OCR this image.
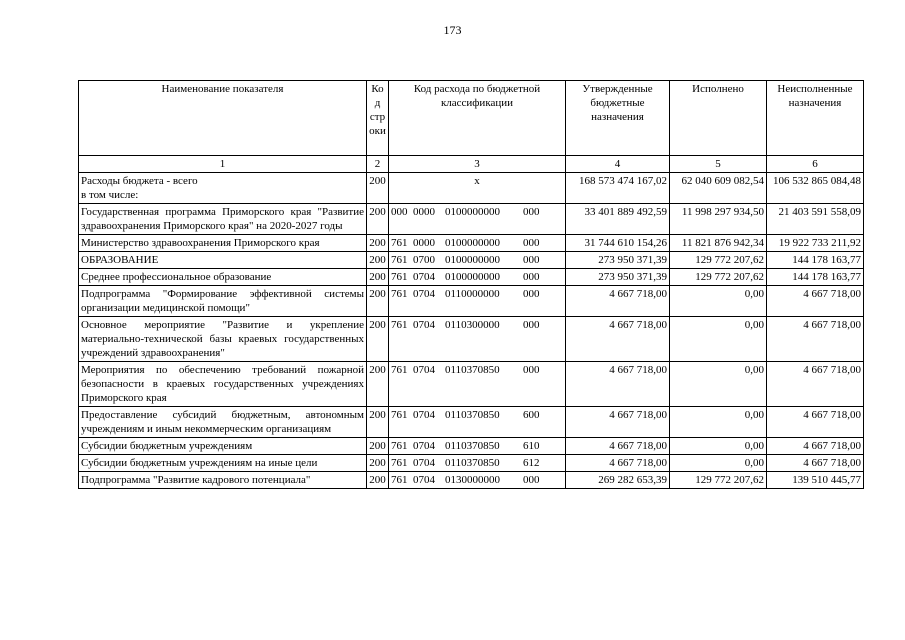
173
Наименование показателя	Ко д стр оки	Код расхода по бюджетной классификации	Утвержденные бюджетные назначения	Исполнено	Неисполненные назначения
1	2	3	4	5	6

Расходы бюджета - всего
в том числе:	200	x	168 573 474 167,02	62 040 609 082,54	106 532 865 084,48
Государственная программа Приморского края "Развитие здравоохранения Приморского края" на 2020-2027 годы	200	000 0000 0100000000 000	33 401 889 492,59	11 998 297 934,50	21 403 591 558,09
Министерство здравоохранения Приморского края	200	761 0000 0100000000 000	31 744 610 154,26	11 821 876 942,34	19 922 733 211,92
ОБРАЗОВАНИЕ	200	761 0700 0100000000 000	273 950 371,39	129 772 207,62	144 178 163,77
Среднее профессиональное образование	200	761 0704 0100000000 000	273 950 371,39	129 772 207,62	144 178 163,77
Подпрограмма "Формирование эффективной системы организации медицинской помощи"	200	761 0704 0110000000 000	4 667 718,00	0,00	4 667 718,00
Основное мероприятие "Развитие и укрепление материально-технической базы краевых государственных учреждений здравоохранения"	200	761 0704 0110300000 000	4 667 718,00	0,00	4 667 718,00
Мероприятия по обеспечению требований пожарной безопасности в краевых государственных учреждениях Приморского края	200	761 0704 0110370850 000	4 667 718,00	0,00	4 667 718,00
Предоставление субсидий бюджетным, автономным учреждениям и иным некоммерческим организациям	200	761 0704 0110370850 600	4 667 718,00	0,00	4 667 718,00
Субсидии бюджетным учреждениям	200	761 0704 0110370850 610	4 667 718,00	0,00	4 667 718,00
Субсидии бюджетным учреждениям на иные цели	200	761 0704 0110370850 612	4 667 718,00	0,00	4 667 718,00
Подпрограмма "Развитие кадрового потенциала"	200	761 0704 0130000000 000	269 282 653,39	129 772 207,62	139 510 445,77
